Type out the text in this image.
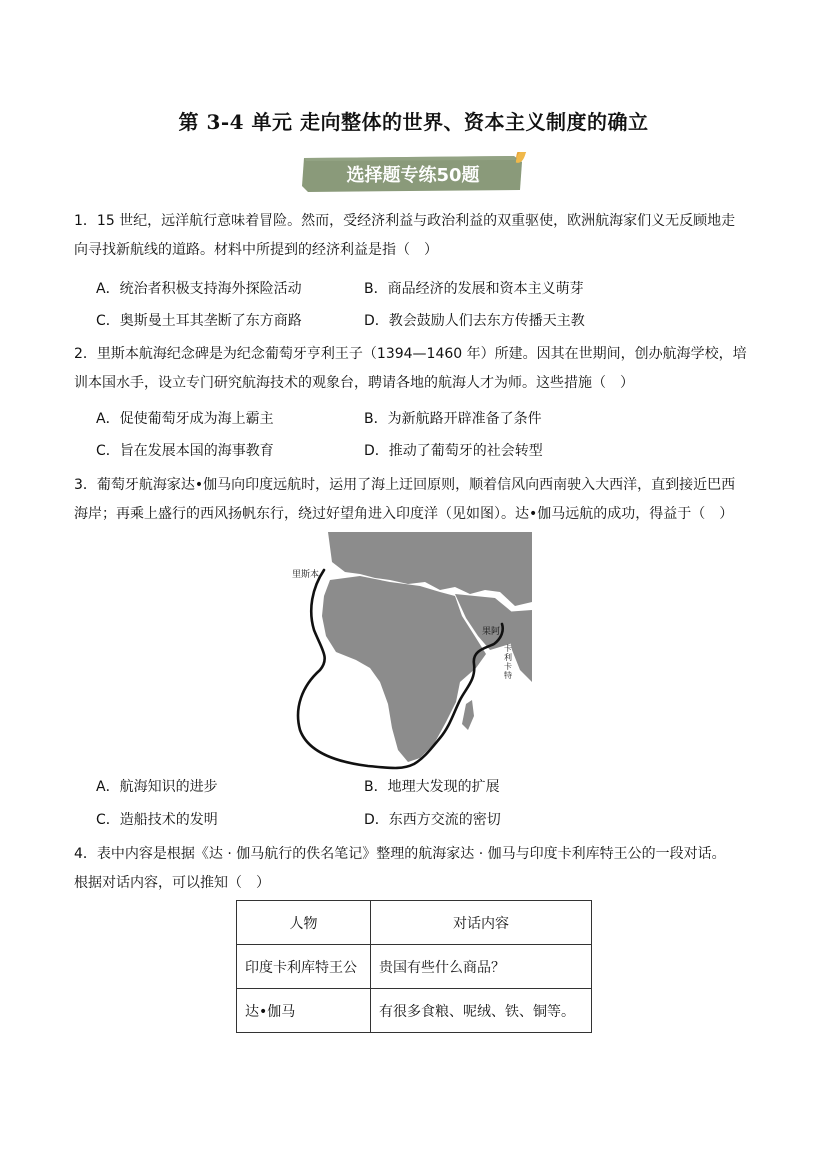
第 3-4 单元 走向整体的世界、资本主义制度的确立
选择题专练50题
1．15 世纪，远洋航行意味着冒险。然而，受经济利益与政治利益的双重驱使，欧洲航海家们义无反顾地走
向寻找新航线的道路。材料中所提到的经济利益是指（　）
A．统治者积极支持海外探险活动	B．商品经济的发展和资本主义萌芽
C．奥斯曼土耳其垄断了东方商路	D．教会鼓励人们去东方传播天主教
2．里斯本航海纪念碑是为纪念葡萄牙亨利王子（1394—1460 年）所建。因其在世期间，创办航海学校，培
训本国水手，设立专门研究航海技术的观象台，聘请各地的航海人才为师。这些措施（　）
A．促使葡萄牙成为海上霸主	B．为新航路开辟准备了条件
C．旨在发展本国的海事教育	D．推动了葡萄牙的社会转型
3．葡萄牙航海家达•伽马向印度远航时，运用了海上迂回原则，顺着信风向西南驶入大西洋，直到接近巴西
海岸；再乘上盛行的西风扬帆东行，绕过好望角进入印度洋（见如图）。达•伽马远航的成功，得益于（　）
里斯本
果阿
卡利卡特
A．航海知识的进步	B．地理大发现的扩展
C．造船技术的发明	D．东西方交流的密切
4．表中内容是根据《达 · 伽马航行的佚名笔记》整理的航海家达 · 伽马与印度卡利库特王公的一段对话。
根据对话内容，可以推知（　）
人物	对话内容
印度卡利库特王公	贵国有些什么商品？
达•伽马	有很多食粮、呢绒、铁、铜等。
